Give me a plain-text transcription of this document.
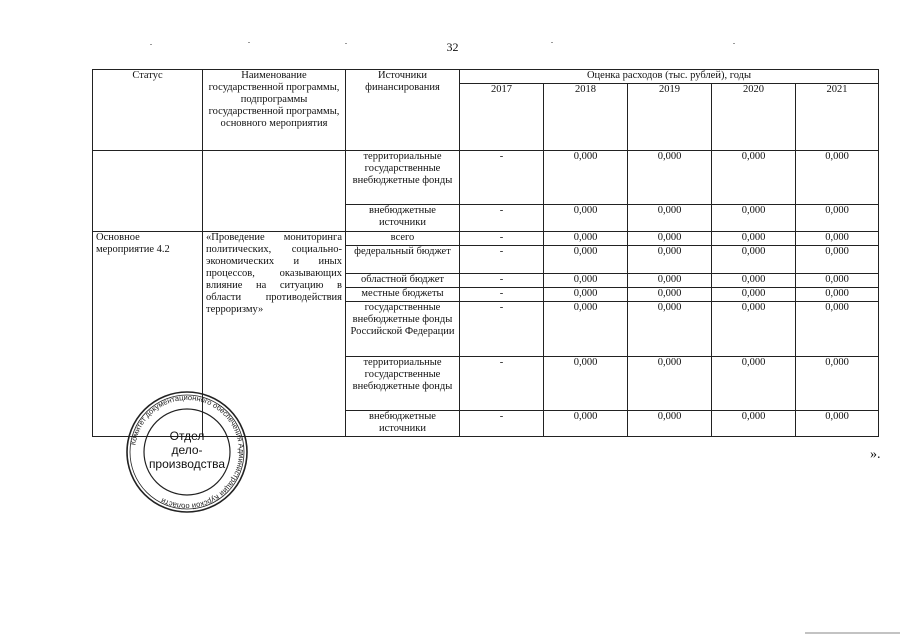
32
Статус	Наименование государственной программы, подпрограммы государственной программы, основного мероприятия	Источники финансирования	Оценка расходов (тыс. рублей), годы				
			2017	2018	2019	2020	2021
		территориальные государственные внебюджетные фонды	-	0,000	0,000	0,000	0,000
		внебюджетные источники	-	0,000	0,000	0,000	0,000
Основное мероприятие 4.2	«Проведение мониторинга политических, социально-экономических и иных процессов, оказывающих влияние на ситуацию в области противодействия терроризму»	всего	-	0,000	0,000	0,000	0,000
		федеральный бюджет	-	0,000	0,000	0,000	0,000
		областной бюджет	-	0,000	0,000	0,000	0,000
		местные бюджеты	-	0,000	0,000	0,000	0,000
		государственные внебюджетные фонды Российской Федерации	-	0,000	0,000	0,000	0,000
		территориальные государственные внебюджетные фонды	-	0,000	0,000	0,000	0,000
		внебюджетные источники	-	0,000	0,000	0,000	0,000
».
Комитет документационного обеспечения Администрации Курской области
Отдел
дело-
производства
